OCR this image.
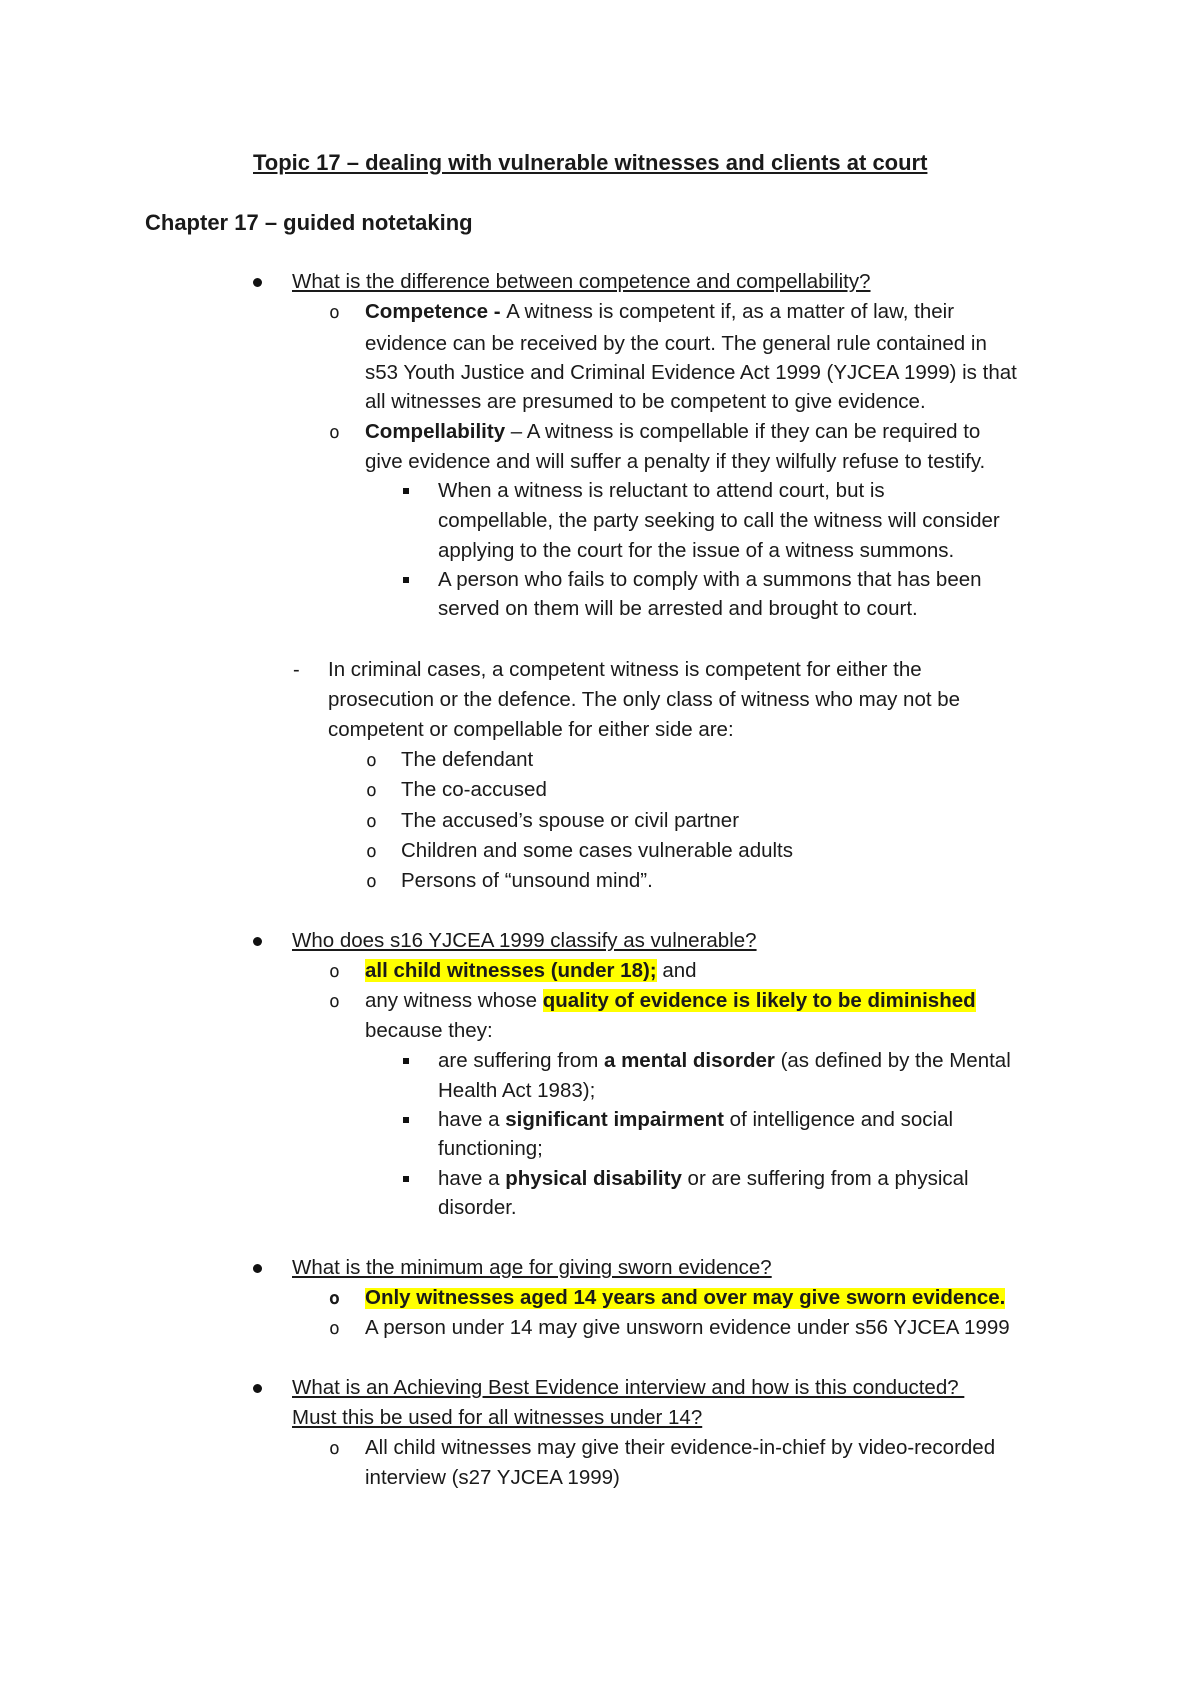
Topic 17 – dealing with vulnerable witnesses and clients at court
Chapter 17 – guided notetaking
What is the difference between competence and compellability?
o Competence - A witness is competent if, as a matter of law, their
evidence can be received by the court. The general rule contained in
s53 Youth Justice and Criminal Evidence Act 1999 (YJCEA 1999) is that
all witnesses are presumed to be competent to give evidence.
o Compellability – A witness is compellable if they can be required to
give evidence and will suffer a penalty if they wilfully refuse to testify.
When a witness is reluctant to attend court, but is
compellable, the party seeking to call the witness will consider
applying to the court for the issue of a witness summons.
A person who fails to comply with a summons that has been
served on them will be arrested and brought to court.
- In criminal cases, a competent witness is competent for either the
prosecution or the defence. The only class of witness who may not be
competent or compellable for either side are:
o The defendant
o The co-accused
o The accused’s spouse or civil partner
o Children and some cases vulnerable adults
o Persons of “unsound mind”.
Who does s16 YJCEA 1999 classify as vulnerable?
o all child witnesses (under 18); and
o any witness whose quality of evidence is likely to be diminished
because they:
are suffering from a mental disorder (as defined by the Mental
Health Act 1983);
have a significant impairment of intelligence and social
functioning;
have a physical disability or are suffering from a physical
disorder.
What is the minimum age for giving sworn evidence?
o Only witnesses aged 14 years and over may give sworn evidence.
o A person under 14 may give unsworn evidence under s56 YJCEA 1999
What is an Achieving Best Evidence interview and how is this conducted?
Must this be used for all witnesses under 14?
o All child witnesses may give their evidence-in-chief by video-recorded
interview (s27 YJCEA 1999)
